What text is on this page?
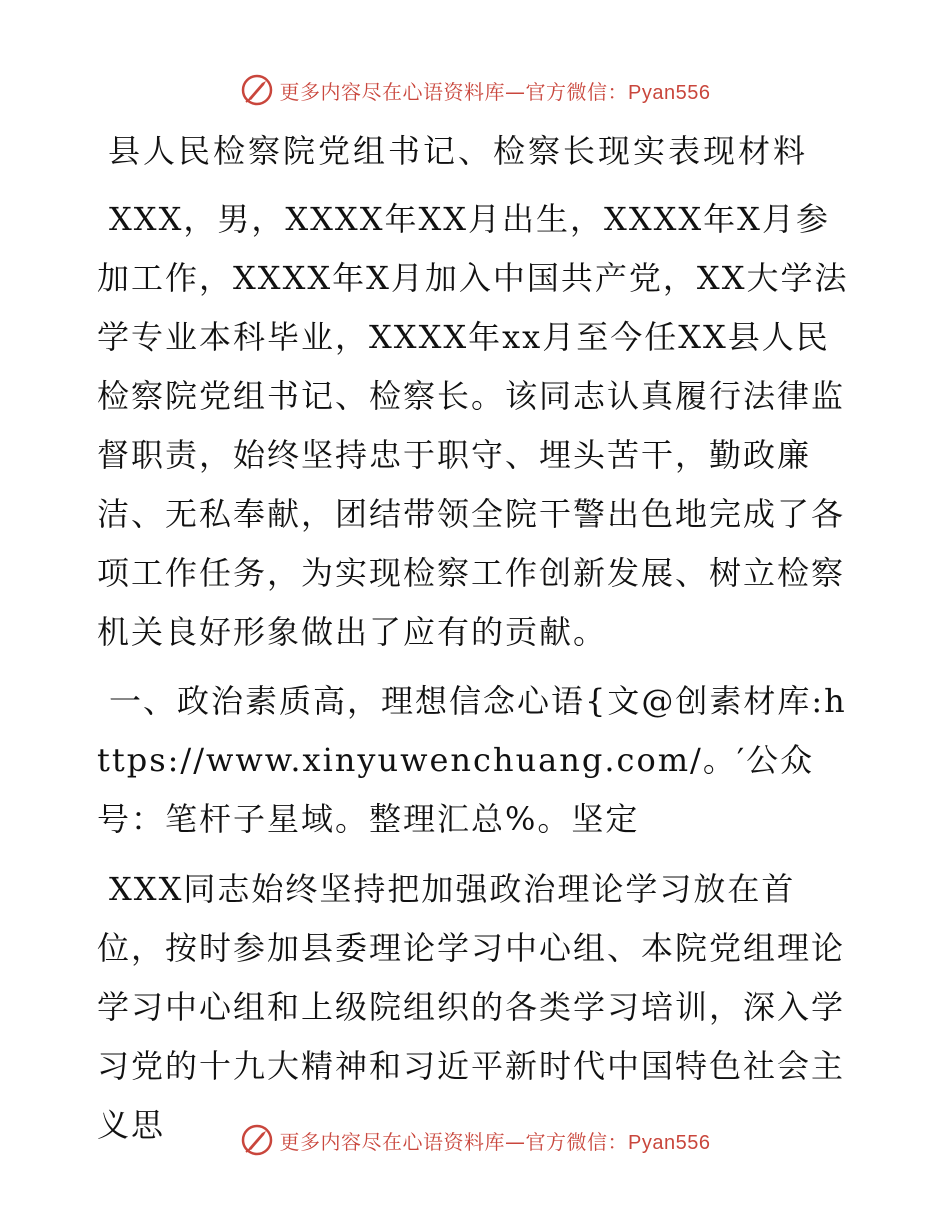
更多内容尽在心语资料库—官方微信：Pyan556
县人民检察院党组书记、检察长现实表现材料
XXX，男，XXXX年XX月出生，XXXX年X月参加工作，XXXX年X月加入中国共产党，XX大学法学专业本科毕业，XXXX年xx月至今任XX县人民检察院党组书记、检察长。该同志认真履行法律监督职责，始终坚持忠于职守、埋头苦干，勤政廉洁、无私奉献，团结带领全院干警出色地完成了各项工作任务，为实现检察工作创新发展、树立检察机关良好形象做出了应有的贡献。
一、政治素质高，理想信念心语{文@创素材库:https://www.xinyuwenchuang.com/。′公众号：笔杆子星域。整理汇总%。坚定
XXX同志始终坚持把加强政治理论学习放在首位，按时参加县委理论学习中心组、本院党组理论学习中心组和上级院组织的各类学习培训，深入学习党的十九大精神和习近平新时代中国特色社会主义思	更多内容尽在心语资料库—官方微信：Pyan556
